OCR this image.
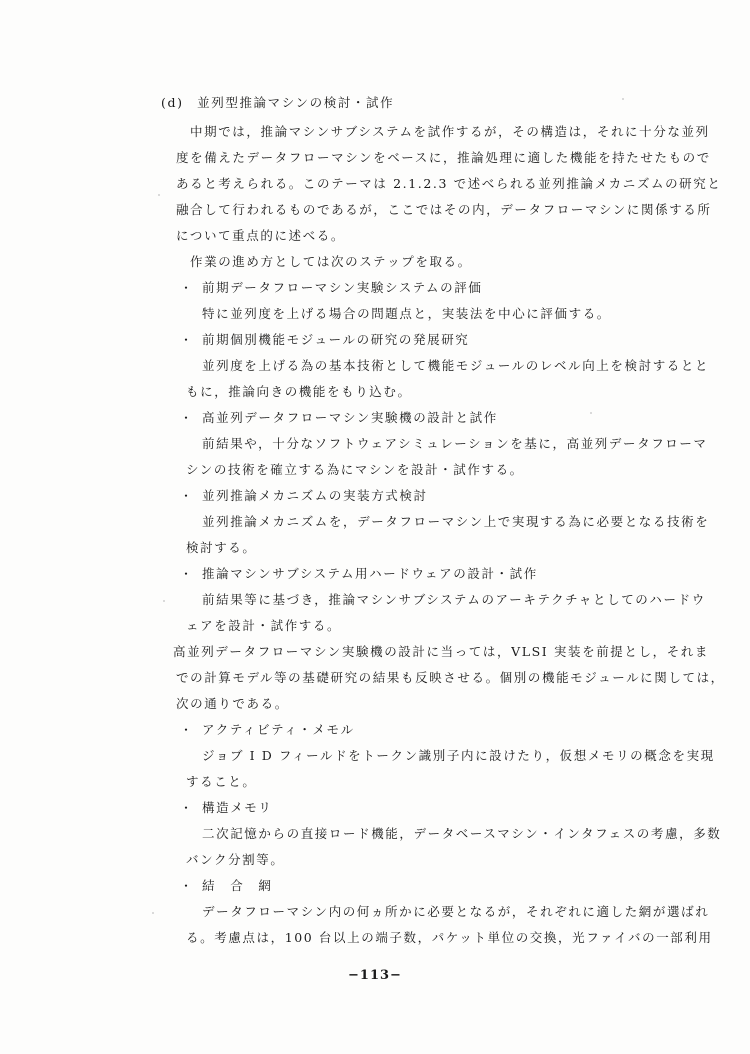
(d) 並列型推論マシンの検討・試作
中期では，推論マシンサブシステムを試作するが，その構造は，それに十分な並列
度を備えたデータフローマシンをベースに，推論処理に適した機能を持たせたもので
あると考えられる。このテーマは 2.1.2.3 で述べられる並列推論メカニズムの研究と
融合して行われるものであるが，ここではその内，データフローマシンに関係する所
について重点的に述べる。
作業の進め方としては次のステップを取る。
・ 前期データフローマシン実験システムの評価
特に並列度を上げる場合の問題点と，実装法を中心に評価する。
・ 前期個別機能モジュールの研究の発展研究
並列度を上げる為の基本技術として機能モジュールのレベル向上を検討するとと
もに，推論向きの機能をもり込む。
・ 高並列データフローマシン実験機の設計と試作
前結果や，十分なソフトウェアシミュレーションを基に，高並列データフローマ
シンの技術を確立する為にマシンを設計・試作する。
・ 並列推論メカニズムの実装方式検討
並列推論メカニズムを，データフローマシン上で実現する為に必要となる技術を
検討する。
・ 推論マシンサブシステム用ハードウェアの設計・試作
前結果等に基づき，推論マシンサブシステムのアーキテクチャとしてのハードウ
ェアを設計・試作する。
高並列データフローマシン実験機の設計に当っては，VLSI 実装を前提とし，それま
での計算モデル等の基礎研究の結果も反映させる。個別の機能モジュールに関しては，
次の通りである。
・ アクティビティ・メモル
ジョブ I D フィールドをトークン識別子内に設けたり，仮想メモリの概念を実現
すること。
・ 構造メモリ
二次記憶からの直接ロード機能，データベースマシン・インタフェスの考慮，多数
バンク分割等。
・ 結　合　網
データフローマシン内の何ヵ所かに必要となるが，それぞれに適した網が選ばれ
る。考慮点は，100 台以上の端子数，パケット単位の交換，光ファイバの一部利用
−113−
